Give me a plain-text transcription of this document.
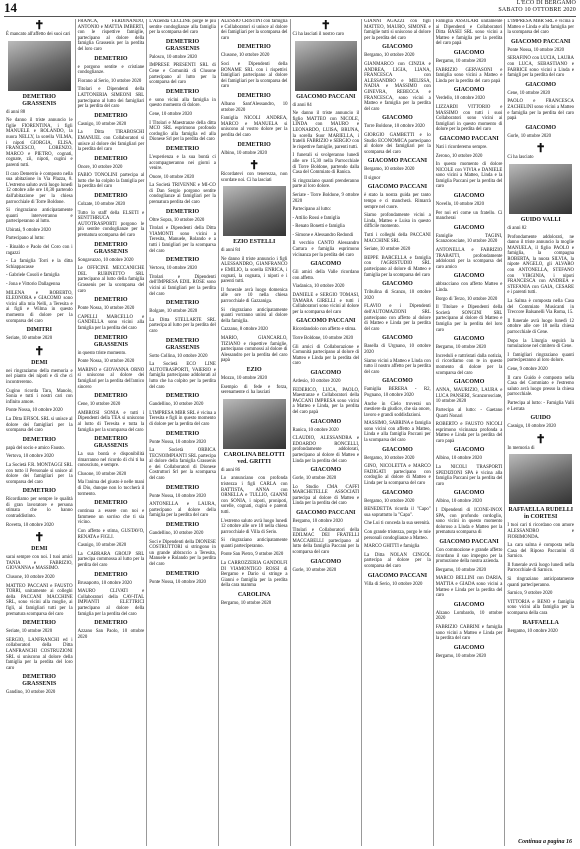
14	L'ECO DI BERGAMO
SABATO 10 OTTOBRE 2020
✝
È mancato all'affetto dei suoi cari
DEMETRIO GRASSENIS
di anni 88
Ne danno il triste annuncio le figlie FIORENTINA, i figli MANUELE e ROLANDO, la nuora NELLY, la sorella VILMA, i nipoti GIORGIA, ELISA, FRANCESCO, LORENZO, MARCO e PIETRO, cognati, cognate, zii, nipoti, cugini e parenti tutti.
Il caro Demetrio è composto nella sua abitazione in Via Plazza, 8. L'estremo saluto avrà luogo lunedì 12 ottobre alle ore 10,30 partendo dall'abitazione per la chiesa parrocchiale di Torre Boldone.
Si ringraziano anticipatamente quanti interverranno e parteciperanno al lutto.
Ubiratá, 9 ottobre 2020
Partecipano al lutto:
- Rinaldo e Paolo del Coro con i ragazzi
- La famiglia Torri e la ditta Schiappacasse
- Gabriele Cosoli e famiglia
- Jona e Vittorio Dallagenna
MILENA e ROBERTO, ELEONORA e GIACOMO sono vicini alla mia Nelli, a Teresita e ai figli e Wilma in questo momento di dolore per la scomparsa del caro
DIMITRI
Seriate, 10 ottobre 2020
✝
DEMI
nei ringraziamo della memoria e nel pianto dei nipoti e di che ci incontreremo.
Cugino ricorda Tara, Manolo, Sonia e tutti i nostri cari con infinito amore.
Ponte Nossa, 10 ottobre 2020
La Ditta EFISOL SRL si unisce al dolore dei famigliari per la scomparsa del caro
DEMETRIO
papà del socio e amico Fausto.
Vertova, 10 ottobre 2020
La Società F.R. MONTAGGI SRL con tutto il Personale si unisce al dolore dei famigliari per la scomparsa del caro
DEMETRIO
Ricordiamo per sempre le qualità di gran lavoratore e persona stimata che lo hanno contraddistinto.
Rovetta, 10 ottobre 2020
✝
DEMI
sarai sempre con noi. I tuoi amici TANIA e FABRIZIO, GIOVANNA e MASSIMO.
Clusone, 10 ottobre 2020
MATTEO PACCANI e FAUSTO TORRI, unitamente ai colleghi della PACCANI MACCHINE SRL, sono vicini alla moglie, ai figli, ai famigliari tutti per la prematura scomparsa del caro
DEMETRIO
Seriate, 10 ottobre 2020
SERGIO, LANFRANCHI ed i collaboratori della Ditta LANFRANCHI COSTRUZIONI SRL si uniscono al dolore della famiglia per la perdita del loro caro
DEMETRIO GRASSENIS
Gandino, 10 ottobre 2020
FRANCA, FERDINANDO, ANTONIO e MATTIA IMBERTI, con le rispettive famiglie, partecipano al dolore della famiglia Grassenis per la perdita del loro caro
DEMETRIO
e porgono sentite e cristiane condoglianze.
Fiorano al Serio, 10 ottobre 2020
Titolari e Dipendenti della LATTONERIA SIMEONI SRL partecipano al lutto dei famigliari per la perdita del caro
DEMETRIO
Casnigo, 10 ottobre 2020
La Ditta TIRABOSCHI EMANUEL con Collaboratori si unisce al dolore dei famigliari per la perdita del caro
DEMETRIO
Onore, 10 ottobre 2020
FABIO TONOLINI partecipa al lutto che ha colpito la famiglia per la perdita del caro
DEMETRIO
Colzate, 10 ottobre 2020
Tutto lo staff della ELSETI e SENTTHRUCA AUTOTRASPORTI porgono le più sentite condoglianze per la prematura scomparsa del caro
DEMETRIO GRASSENIS
Songavazzo, 10 ottobre 2020
Le OFFICINE MECCANICHE DEL RUBINETTO SRL partecipano al lutto della famiglia Grassenis per la scomparsa del caro
DEMETRIO
Ponte Nossa, 10 ottobre 2020
CAPELLI MARCELLO e GANDELLA sono vicini alla famiglia per la perdita del caro
DEMETRIO GRASSENIS
in questo triste momento.
Ponte Nossa, 10 ottobre 2020
MARINO e GIOVANNA ORNO si uniscono al dolore dei famigliari per la perdita dell'amico sincero
DEMETRIO
Cene, 10 ottobre 2020
AMBROSI SONIA e tutti i Dipendenti della TEA si uniscono al lutto di Teresita e tutta la famiglia per la scomparsa del caro
DEMETRIO GRASSENIS
La sua bontà e disponibilità rimarranno nel ricordo di chi ti ha conosciuto, e sempre.
Clusone, 10 ottobre 2020
Ma l'anima del giusto è nelle mani di Dio, dunque non lo toccherà il tormento.
DEMETRIO
continua a essere con noi e fammene un sorriso che ti sia vicino.
Con affetto e stima, GUSTAVO, RENATA e FIGLI.
Casnigo, 10 ottobre 2020
La CABRARA GROUP SRL partecipa commossa al lutto per la perdita del caro
DEMETRIO
Brusaporto, 10 ottobre 2020
MAURO CLIVATI e Collaboratori della CAV-ITAL IMPIANTI ELETTRICI partecipano al dolore della famiglia per la perdita del caro
DEMETRIO
Azzano San Paolo, 10 ottobre 2020
L'Azienda CECLINE porge le più sentite condoglianze alla famiglia per la scomparsa del caro
DEMETRIO GRASSENIS
Palosco, 10 ottobre 2020
IMPRESE PRESENTI SRL di Cene e Comunità di Clusone partecipano al lutto per la scomparsa del caro
DEMETRIO
e sono vicini alla famiglia in questo momento di dolore.
Cene, 10 ottobre 2020
I Titolari e Maestranze della ditta MCO SRL esprimono profondo cordoglio alla famiglia ed alla Dionese Srl per la perdita del caro
DEMETRIO
L'esperienza e la sua bontà ci accompagneranno nei giorni a venire.
Onore, 10 ottobre 2020
La Società TRIVENNE e MI-CO di Dan Sergio porgono sentite condoglianze ai famigliari per la prematura perdita del caro
DEMETRIO
Oltre Sopra, 10 ottobre 2020
Titolari e Dipendenti della Ditta VIAMONTI sono vicini a Teresita, Manuele, Rolando e a tutti i famigliari per la scomparsa del caro
DEMETRIO
Vertova, 10 ottobre 2020
Titolari e Dipendenti dell'IMPRESA EDIL ROSE sono vicini ai famigliari per la perdita del caro
DEMETRIO
Bolgare, 10 ottobre 2020
La Ditta STELLARTE SRL partecipa al lutto per la perdita del caro
DEMETRIO GRASSENIS
Sotto Collina, 10 ottobre 2020
La Società ECO LINE AUTOTRASPORTI, VAIERIO e famiglia partecipano addolorati al lutto che ha colpito per la perdita del caro
DEMETRIO
Gandellino, 10 ottobre 2020
L'IMPRESA MBR SRL è vicina a Teresita e figli in questo momento di dolore per la perdita del caro
DEMETRIO
Ponte Nossa, 10 ottobre 2020
La Società ORBICA TECNOIMPIANTI SRL partecipa al dolore della famiglia Grassenis e dei Collaboratori di Dionese Costruttori Srl per la scomparsa del caro
DEMETRIO
Ponte Nossa, 10 ottobre 2020
ANTONELLA e LAURA, partecipano al dolore della famiglia per la perdita del caro
DEMETRIO
Gandellino, 10 ottobre 2020
Soci e Dipendenti della DIONESE COSTRUTTORI si stringono in un grande abbraccio a Teresita, Manuele e Rolando per la perdita del caro
DEMETRIO
Ponte Nossa, 10 ottobre 2020
ALESSIO CRISTINI con famiglia e Collaboratori si unisce al dolore dei famigliari per la scomparsa del caro
DEMETRIO
Clusone, 10 ottobre 2020
Soci e Dipendenti della BONAME SRL con i rispettivi famigliari partecipano al dolore dei famigliari per la scomparsa del caro
DEMETRIO
Albano Sant'Alessandro, 10 ottobre 2020
Famiglia NICOLI ANDREA, MARCO e MANUELA si uniscono al vostro dolore per la perdita del caro
DEMETRIO
Albino, 10 ottobre 2020
✝
Ricordatevi con tenerezza, non scordate noi. Ci ha lasciati
EZIO ESTELLI
di anni 84
Ne danno il triste annuncio i figli ALESSANDRO, GIANFRANCO e EMILIO, la sorella ENRICA, i cognati, la cognata, i nipoti e i parenti tutti.
Il funerale avrà luogo domenica alle ore 10 nella chiesa parrocchiale di Gazzaniga.
Si ringraziano anticipatamente quanti vorranno unirsi al dolore della famiglia.
Cazzano, 8 ottobre 2020
MARIO, GIANCARLO, TIZIANO e rispettive famiglie, partecipano commossi al dolore di Alessandro per la perdita del caro papà
EZIO
Mozzo, 10 ottobre 2020
Esempio di fede e forza, serenamente ci ha lasciati
CAROLINA BELOTTI ved. GRITTI
di anni 86
Lo annunciano con profonda tristezza i figli CARLA con BATTISTA, ANNA con ORNELLA e TULLIO, GIANNI con SONIA, i nipoti, pronipoti, sorelle, cognati, cugini e parenti tutti.
L'estremo saluto avrà luogo lunedì 12 ottobre alle ore 10 nella chiesa parrocchiale di Villa di Serio.
Si ringraziano anticipatamente quanti parteciperanno.
Ponte San Pietro, 9 ottobre 2020
La CARROZZERIA GANDOLFI DI VIAMONTIGO ROSSI di Bergamo e Dario si stringe a Gianni e famiglia per la perdita della cara mamma
CAROLINA
Bergamo, 10 ottobre 2020
✝
Ci ha lasciati il nostro caro
GIACOMO PACCANI
di anni 84
Ne danno il triste annuncio il figlio MATTEO con NICOLE, LINDA con MAURO e LEONARDO, LUISA, BRUNA, la sorella Suor MARIELLA, i fratelli FABRIZIO e SERGIO con le rispettive famiglie, parenti tutti.
I funerali si svolgeranno lunedì alle ore 15,30 nella Parrocchiale di Torre Boldone, partendo dalla Casa del Commiato di Ranica.
Si ringraziano quanti prenderanno parte al loro dolore.
Seriate - Torre Boldone, 9 ottobre 2020
Partecipano al lutto:
- Attilio Rossi e famiglia
- Renato Bonetti e famiglia
- Simone e Alessandro Redondi
Il vecchio CANTO Alessandro Carrara e famiglia esprimono vicinanza per la perdita del caro
GIACOMO
Gli amici della Valle ricordano con affetto.
Viadanica, 10 ottobre 2020
DANIELE e SERGIO TOMASI, TAMARA GIRELLI e tutti i Collaboratori sono vicini al dolore per la scomparsa del caro
GIACOMO PACCANI
Ricordandolo con affetto e stima.
Torre Boldone, 10 ottobre 2020
Gli amici di Collaborazione e Comunità partecipano al dolore di Matteo e Linda per la perdita del caro
GIACOMO
Ardesio, 10 ottobre 2020
FEDERICO, LUCA, PAOLO, Maestranze e Collaboratori della PACCANI IMPRESA sono vicini a Matteo e Linda, per la perdita del caro papà
GIACOMO
Ranica, 10 ottobre 2020
CLAUDIO, ALESSANDRA e EDOARDO RONCELLI, profondamente addolorati, partecipano al dolore di Matteo e Linda per la perdita del caro
GIACOMO
Gorle, 10 ottobre 2020
Lo Studio CMA CAFFI MARCHETELLE ASSOCIATI partecipa al dolore di Matteo e Linda per la perdita del caro
GIACOMO PACCANI
Bergamo, 10 ottobre 2020
Titolari e Collaboratori della EDILMAC DEI FRATELLI MACCABELLI partecipano al lutto della famiglia Paccani per la scomparsa del caro
GIACOMO
Gorle, 10 ottobre 2020
GIANNI AGAZZI con figli MATTEO, MAURO, SIMONE e famiglie tutti si uniscono al dolore per la perdita del caro
GIACOMO
Bergamo, 10 ottobre 2020
GIANMARCO con CINZIA e ANDREA, LIGIA, LIANA, FRANCESCA con ALESSANDRO e MELISSA, NADIA e MASSIMO con GINEVRA, REBECCA e FRANCESCA, sono vicini a Matteo e famiglia per la perdita del caro
GIACOMO
Torre Boldone, 10 ottobre 2020
GIORGIO GAMBETTI e lo Studio ECONOMICA partecipano al dolore dei famigliari per la scomparsa del caro
GIACOMO PACCANI
Bergamo, 10 ottobre 2020
Il signor
GIACOMO PACCANI
è stato la nostra guida per tanto tempo e ci mancherà. Rimarrà sempre nel cuore.
Siamo profondamente vicini a Linda, Matteo e Luisa in questo difficile momento.
Tutti i colleghi della PACCANI MACCHINE SRL
Seriate, 10 ottobre 2020
BEPPE BARCELLA e famiglia con l'AGRISTUDIO SRL partecipano al dolore di Matteo e famiglia per la scomparsa del caro
GIACOMO
Tribulina di Scanzo, 10 ottobre 2020
FLAVIO e i Dipendenti dell'AUTOMAZIONI SRL partecipano con affetto al dolore di Matteo e Linda per la perdita del caro
GIACOMO
Basella di Urgnano, 10 ottobre 2020
Siamo vicini a Matteo e Linda con tutto il nostro affetto per la perdita del caro
GIACOMO
Famiglia BERERA - R2, Pognano, 10 ottobre 2020
Anche in Cielo troverai un mestiere da giudice, che sia onore, lavoro e grandi soddisfazioni.
MASSIMO, SABRINA e famiglia sono vicini con affetto a Matteo, Linda e alla famiglia Paccani per la scomparsa del caro
GIACOMO
Bergamo, 10 ottobre 2020
GINO, NICOLETTA e MARCO FADIGATI partecipano con cordoglio al dolore di Matteo e Linda per la scomparsa del caro
GIACOMO
Bergamo, 10 ottobre 2020
BENEDETTA ricorda il "Capo" sua soprattutto la "Capa".
Che Lui ti conceda la sua serenità.
Con grande tristezza, porgo le mie personali condoglianze a Matteo.
MARCO GHITTI e famiglia
La Ditta NOLAN CINGOL partecipa al dolore per la scomparsa del caro
GIACOMO PACCANI
Villa di Serio, 10 ottobre 2020
Famiglia ASSOLARI unitamente ai Dipendenti e Collaboratori Ditta BASEI SRL sono vicini a Matteo e famiglia per la perdita del caro papà
GIACOMO
Bergamo, 10 ottobre 2020
FABRIZIO GERVASONI e famiglia sono vicini a Matteo e Linda per la perdita del caro papà
GIACOMO
Verdello, 10 ottobre 2020
LIZZARDI VITTORIO e MASSIMO con tutti i suoi Collaboratori sono vicini ai famigliari in questo momento di dolore per la perdita del caro
GIACOMO PACCANI
Nati i ricorderemo sempre.
Zerono, 10 ottobre 2020
In questo momento di dolore NICOLE con VIVIA e DANIELE sono vicini a Matteo, Linda e la famiglia Paccani per la perdita del caro
GIACOMO
Novello, 10 ottobre 2020
Per noi eri come un fratello. Ci mancherai
GIACOMO
Famiglie TAGINI, Scanzorosciate, 10 ottobre 2020
ANTONELLA e FABRIZIO TRABATTI, profondamente addolorati per la scomparsa del caro amico
GIACOMO
abbracciano con affetto Matteo e Linda.
Borgo di Terzo, 10 ottobre 2020
Il Titolare e Dipendenti della Società SONGINI SRL partecipano al dolore di Matteo e famiglia per la perdita del loro caro
GIACOMO
Bergamo, 10 ottobre 2020
Increduli e rattristati dalla notizia, ci ricordiamo con te in questo momento di dolore per la scomparsa del caro
GIACOMO
ANNA, MAURIZIO, LAURA e LUCA PANSERI, Scanzorosciate, 10 ottobre 2020
Partecipa al lutto: - Gaetano Quarti Nonari
ROBERTO e FAUSTO NICOLI esprimono vicinanza profonda a Matteo e Linda per la perdita del caro papà
GIACOMO
Albino, 10 ottobre 2020
La NICOLI TRASPORTI SPEDIZIONI SPA è vicina alla famiglia Paccani per la perdita del caro
GIACOMO
Albino, 10 ottobre 2020
I Dipendenti di ICONE-INOX SPA, con profondo cordoglio, sono vicini in questo momento doloroso a Linda e Matteo per la prematura scomparsa di
GIACOMO PACCANI
Con commozione e grande affetto ricordano il suo impegno per la promozione della nostra azienda.
Bergamo, 10 ottobre 2020
MARCO BELLINI con DARIA, MATTIA e GIADA sono vicini a Matteo e Linda per la perdita del caro
GIACOMO
Alzano Lombardo, 10 ottobre 2020
FABRIZIO CABRINI e famiglia sono vicini a Matteo e Linda per la perdita del caro
GIACOMO
Bergamo, 10 ottobre 2020
L'IMPRESA MBR SRL è vicina a Matteo e Linda e alla famiglia per la scomparsa del caro
GIACOMO PACCANI
Ponte Nossa, 10 ottobre 2020
SERAFINO con LUCIA, LAURA con LUCA, SEBASTIANO e FABRICE sono vicini a Linda e famigli per la perdita del caro
GIACOMO
Cene, 10 ottobre 2020
PAOLO e FRANCESCA ZACHELINI sono vicini a Matteo e famiglia per la perdita del caro papà
GIACOMO
Gorle, 10 ottobre 2020
✝
Ci ha lasciato
GUIDO VALLI
di anni 82
Profondamente addolorati, ne danno il triste annuncio la moglie MANUELA, il figlio PAOLO e famiglia, la compagna ROBERTA, la nuora SILVIA, la nipote ANGELO, gli ALVARO con ANTONELLA, STEFANO con VIRGINIA, i nipoti FRANCESCA con ANDREA e STEFANIA con GAIA, CESARE e i parenti tutti.
La Salma è composta nella Casa del Commiato Musicanti in Treccore Balsanelli Via Roma, 15.
Il funerale avrà luogo lunedì 12 ottobre alle ore 10 nella chiesa parrocchiale di Cene.
Dopo la Liturgia seguirà la tumulazione nel cimitero di Cene.
I famigliari ringraziano quanti parteciperanno al loro dolore.
Cene, 9 ottobre 2020
Il caro Guido è composto nella Casa del Commiato e l'estremo saluto avrà luogo presso la chiesa parrocchiale.
Partecipa al lutto: - Famiglia Valli e Lerrata
GUIDO
Casnigo, 10 ottobre 2020
✝
In memoria di
RAFFAELLA RUDELLI in CORTESI
I tuoi cari ti ricordano con amore ALESSANDRO e FIORIMONDA.
La cara salma è composta nella Casa del Riposo Paccanini di Sarnico.
Il funerale avrà luogo lunedì nella Parrocchiale di Sarnico.
Si ringraziano anticipatamente quanti parteciperanno.
Sarnico, 9 ottobre 2020
VITTORIA e BENO e famiglia sono vicini alla famiglia per la scomparsa della cara
RAFFAELLA
Bergamo, 10 ottobre 2020
Continua a pagina 16
